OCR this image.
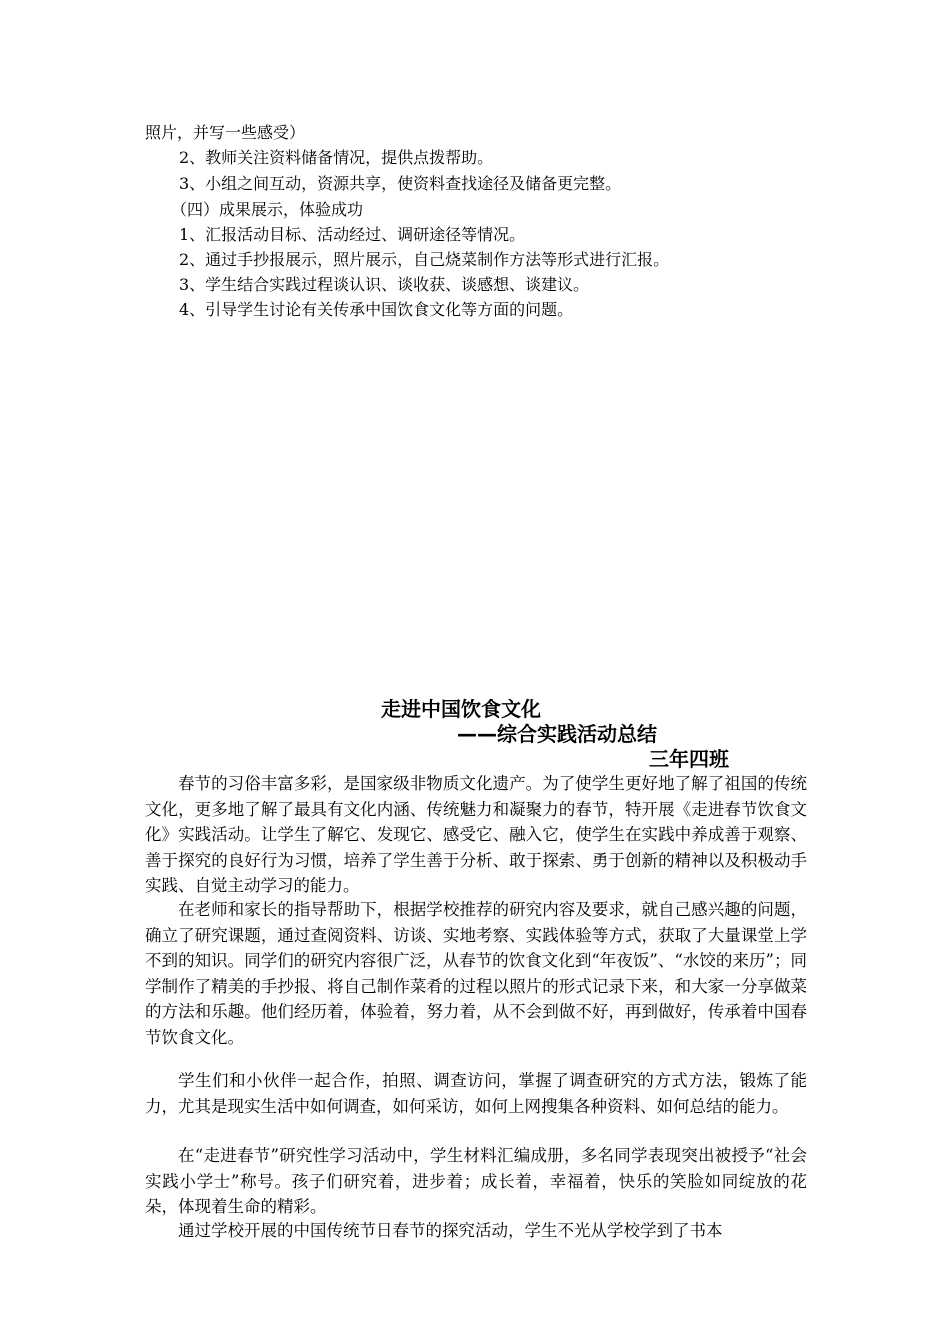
照片，并写一些感受）
2、教师关注资料储备情况，提供点拨帮助。
3、小组之间互动，资源共享，使资料查找途径及储备更完整。
（四）成果展示，体验成功
1、汇报活动目标、活动经过、调研途径等情况。
2、通过手抄报展示，照片展示，自己烧菜制作方法等形式进行汇报。
3、学生结合实践过程谈认识、谈收获、谈感想、谈建议。
4、引导学生讨论有关传承中国饮食文化等方面的问题。
走进中国饮食文化
——综合实践活动总结
三年四班
春节的习俗丰富多彩，是国家级非物质文化遗产。为了使学生更好地了解了祖国的传统文化，更多地了解了最具有文化内涵、传统魅力和凝聚力的春节，特开展《走进春节饮食文化》实践活动。让学生了解它、发现它、感受它、融入它，使学生在实践中养成善于观察、善于探究的良好行为习惯，培养了学生善于分析、敢于探索、勇于创新的精神以及积极动手实践、自觉主动学习的能力。
在老师和家长的指导帮助下，根据学校推荐的研究内容及要求，就自己感兴趣的问题，确立了研究课题，通过查阅资料、访谈、实地考察、实践体验等方式，获取了大量课堂上学不到的知识。同学们的研究内容很广泛，从春节的饮食文化到“年夜饭”、“水饺的来历”；同学制作了精美的手抄报、将自己制作菜肴的过程以照片的形式记录下来，和大家一分享做菜的方法和乐趣。他们经历着，体验着，努力着，从不会到做不好，再到做好，传承着中国春节饮食文化。
学生们和小伙伴一起合作，拍照、调查访问，掌握了调查研究的方式方法，锻炼了能力，尤其是现实生活中如何调查，如何采访，如何上网搜集各种资料、如何总结的能力。
在“走进春节”研究性学习活动中，学生材料汇编成册，多名同学表现突出被授予“社会实践小学士”称号。孩子们研究着，进步着；成长着，幸福着，快乐的笑脸如同绽放的花朵，体现着生命的精彩。
通过学校开展的中国传统节日春节的探究活动，学生不光从学校学到了书本
